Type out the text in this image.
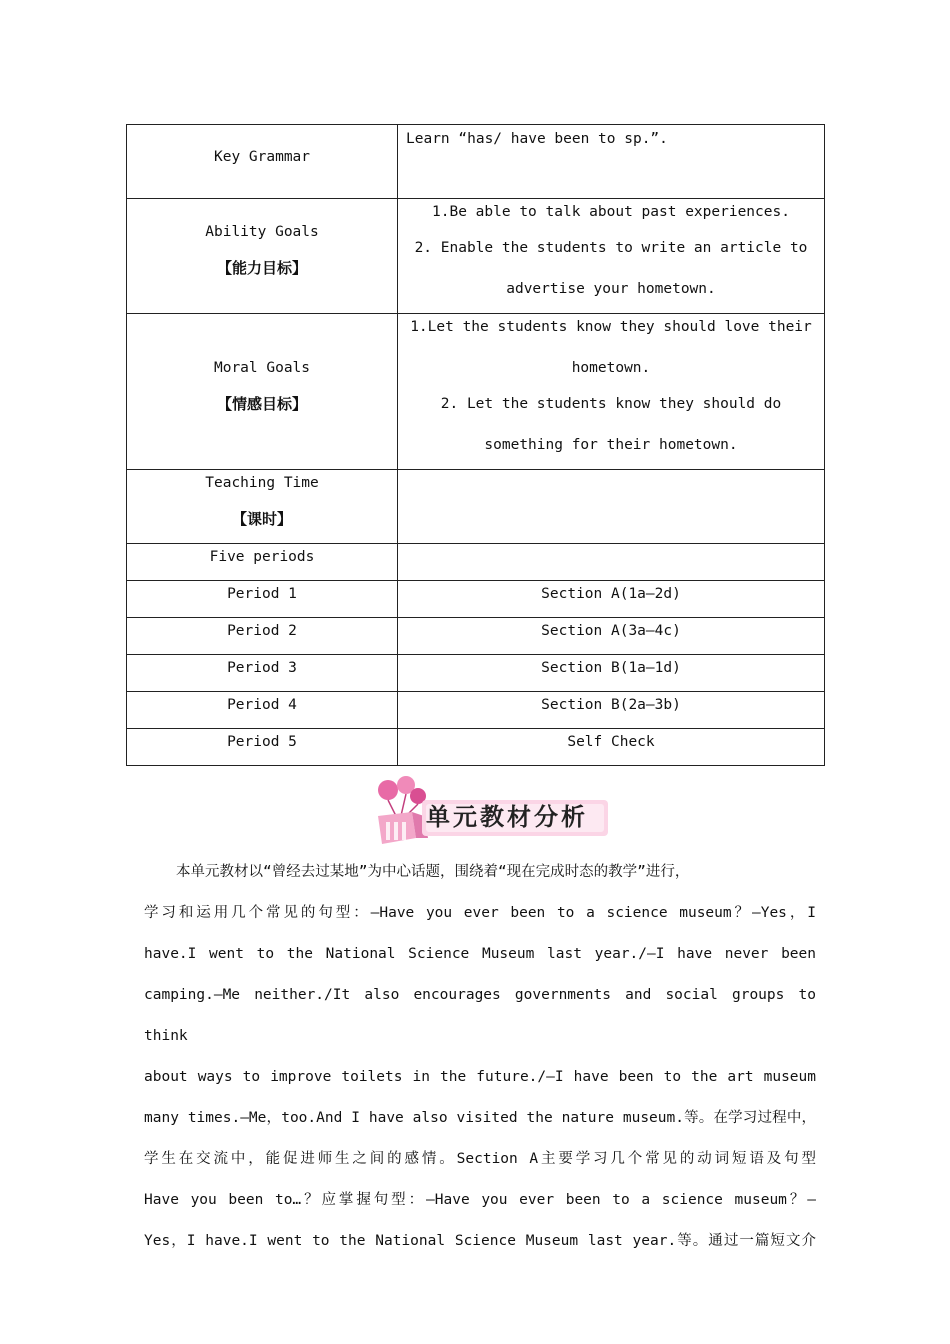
Key Grammar	Learn “has/ have been to sp.”.

Ability Goals
【能力目标】	1.Be able to talk about past experiences.
2. Enable the students to write an article to
advertise your hometown.

Moral Goals
【情感目标】	1.Let the students know they should love their
hometown.
2. Let the students know they should do
something for their hometown.

Teaching Time
【课时】	

Five periods	

Period 1	Section A(1a―2d)

Period 2	Section A(3a―4c)

Period 3	Section B(1a―1d)

Period 4	Section B(2a―3b)

Period 5	Self Check
单元教材分析
本单元教材以“曾经去过某地”为中心话题，围绕着“现在完成时态的教学”进行，
学习和运用几个常见的句型：—Have you ever been to a science museum？—Yes，I
have.I went to the National Science Museum last year./—I have never been
camping.—Me neither./It also encourages governments and social groups to think
about ways to improve toilets in the future./—I have been to the art museum
many times.—Me，too.And I have also visited the nature museum.等。在学习过程中，
学生在交流中，能促进师生之间的感情。Section A主要学习几个常见的动词短语及句型
Have you been to…？应掌握句型：—Have you ever been to a science museum？—
Yes，I have.I went to the National Science Museum last year.等。通过一篇短文介
